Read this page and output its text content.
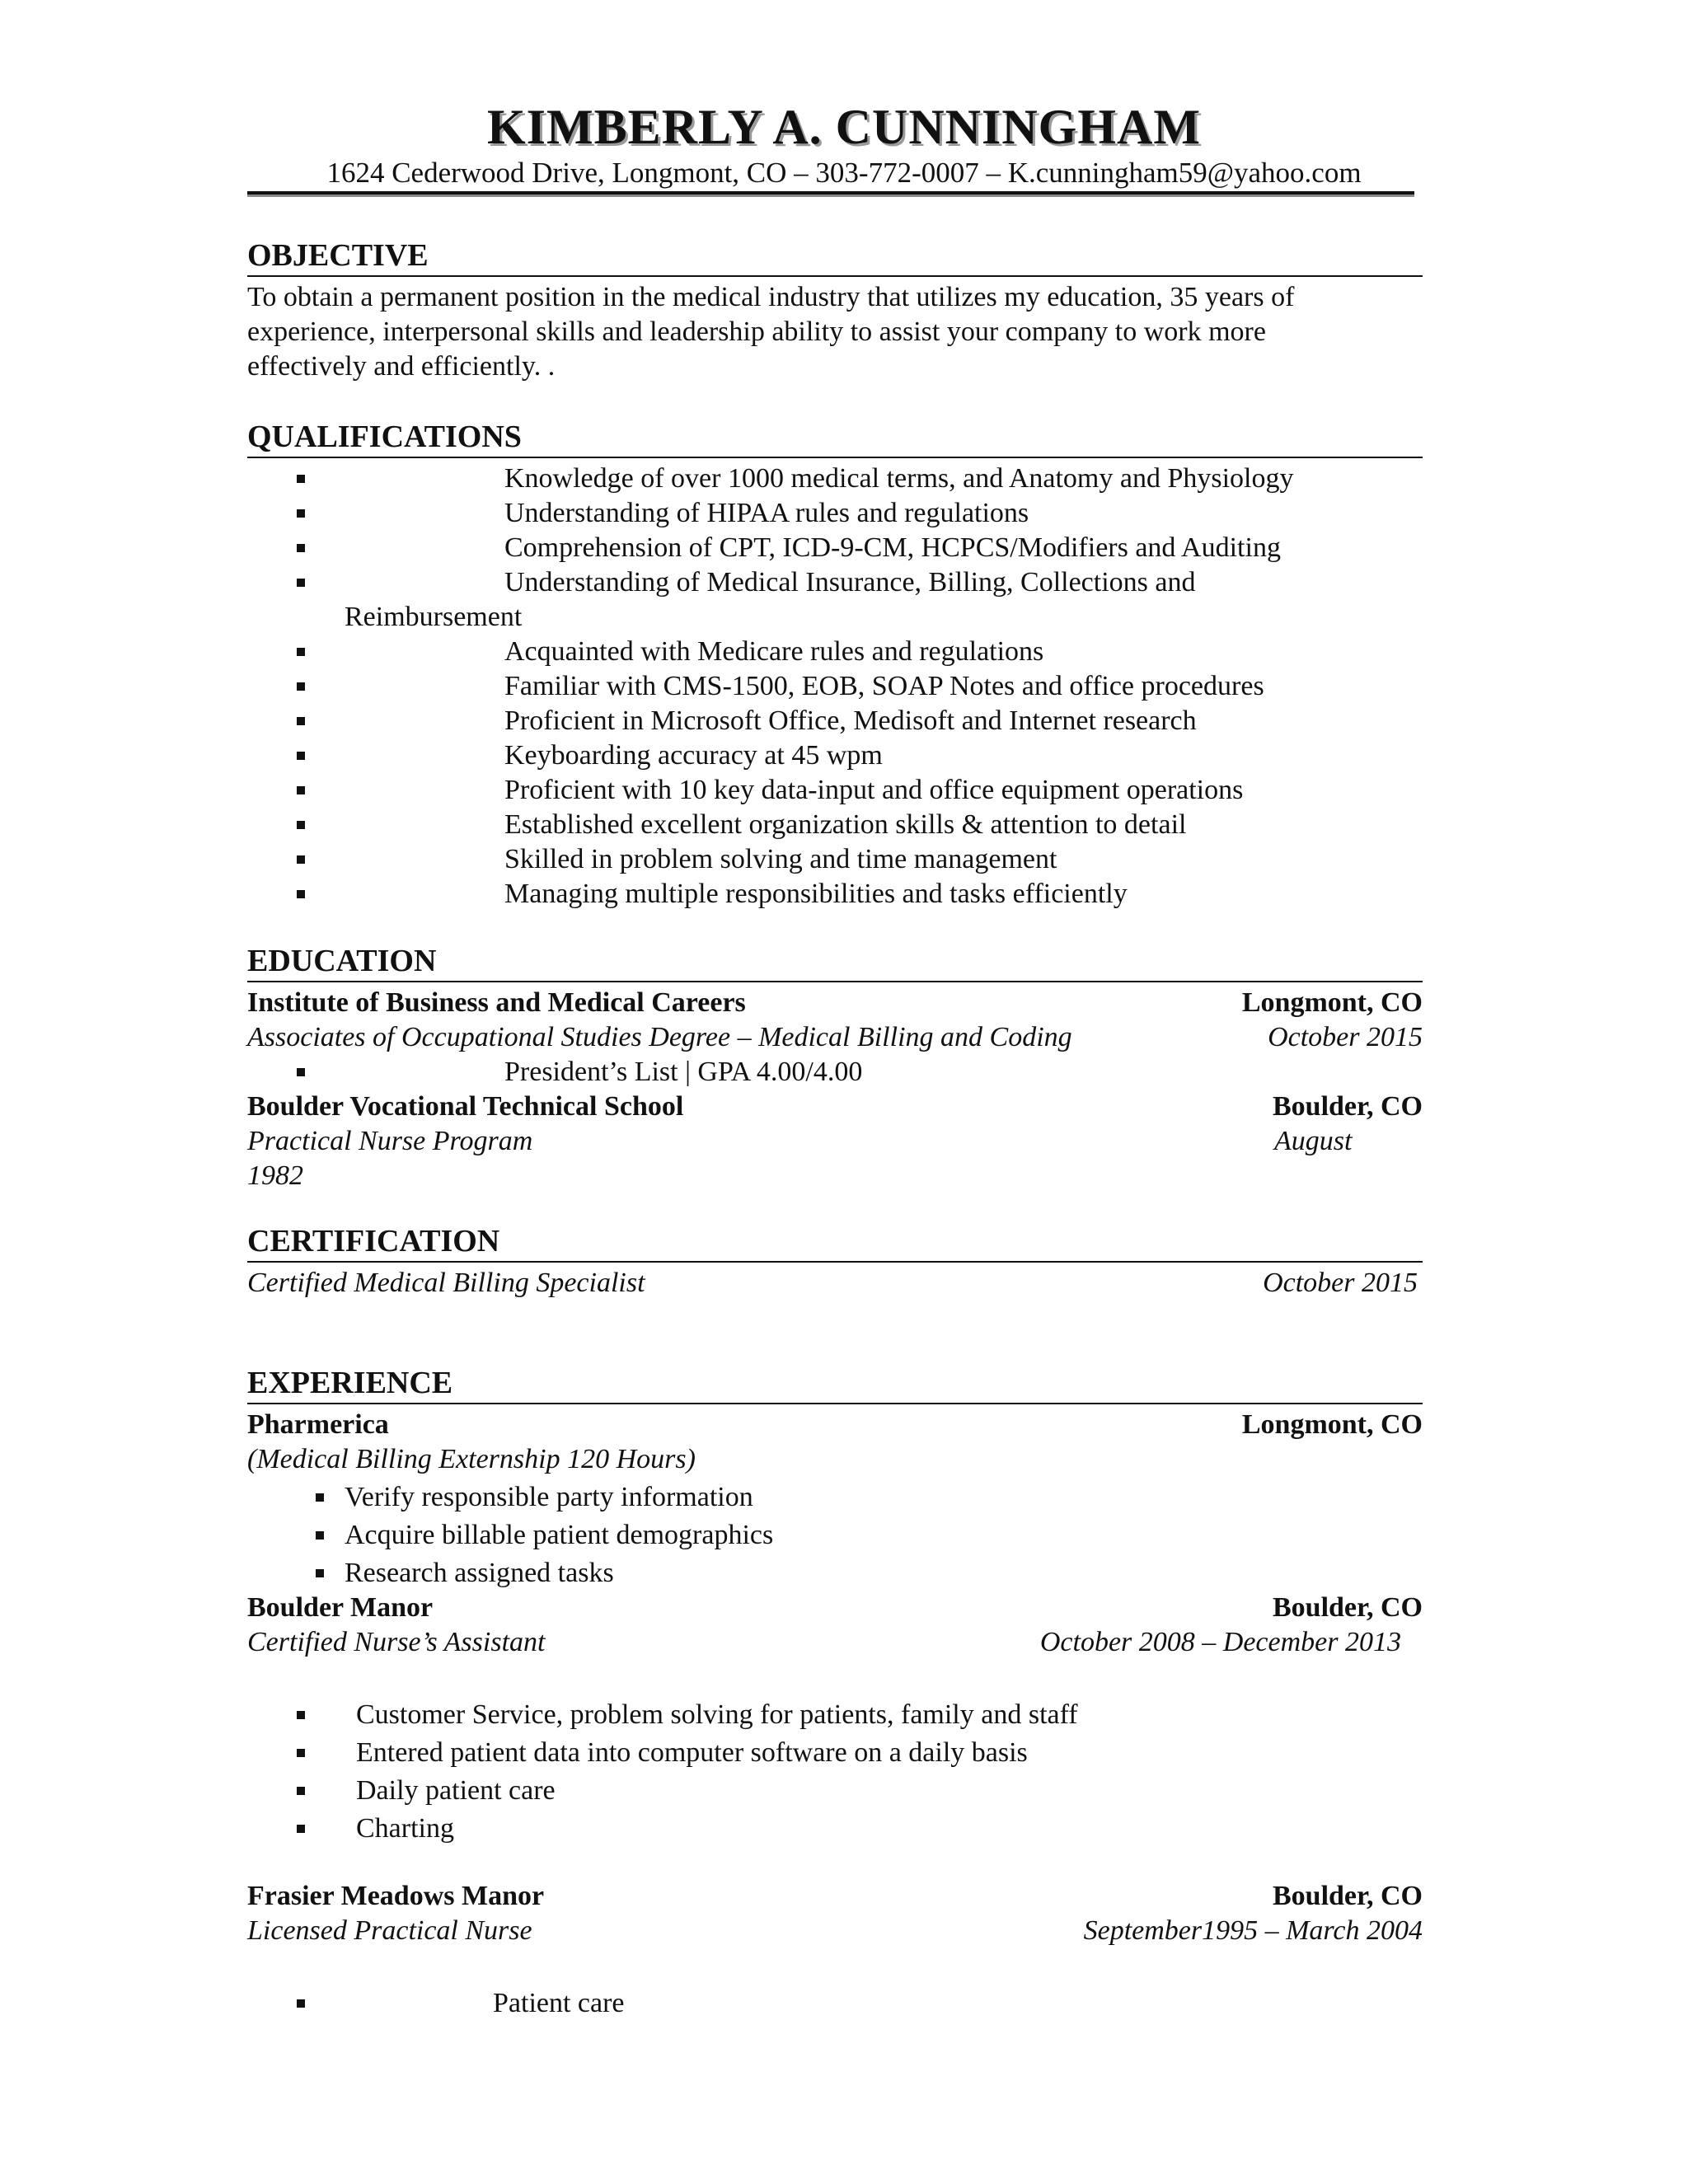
KIMBERLY A. CUNNINGHAM
1624 Cederwood Drive, Longmont, CO – 303-772-0007 – K.cunningham59@yahoo.com
OBJECTIVE
To obtain a permanent position in the medical industry that utilizes my education, 35 years of
experience, interpersonal skills and leadership ability to assist your company to work more
effectively and efficiently. .
QUALIFICATIONS
Knowledge of over 1000 medical terms, and Anatomy and Physiology
Understanding of HIPAA rules and regulations
Comprehension of CPT, ICD-9-CM, HCPCS/Modifiers and Auditing
Understanding of Medical Insurance, Billing, Collections and
Reimbursement
Acquainted with Medicare rules and regulations
Familiar with CMS-1500, EOB, SOAP Notes and office procedures
Proficient in Microsoft Office, Medisoft and Internet research
Keyboarding accuracy at 45 wpm
Proficient with 10 key data-input and office equipment operations
Established excellent organization skills & attention to detail
Skilled in problem solving and time management
Managing multiple responsibilities and tasks efficiently
EDUCATION
Institute of Business and Medical Careers	Longmont, CO
Associates of Occupational Studies Degree – Medical Billing and Coding	October 2015
President’s List | GPA 4.00/4.00
Boulder Vocational Technical School	Boulder, CO
Practical Nurse Program	August
1982
CERTIFICATION
Certified Medical Billing Specialist	October 2015
EXPERIENCE
Pharmerica	Longmont, CO
(Medical Billing Externship 120 Hours)
Verify responsible party information
Acquire billable patient demographics
Research assigned tasks
Boulder Manor	Boulder, CO
Certified Nurse’s Assistant	October 2008 – December 2013
Customer Service, problem solving for patients, family and staff
Entered patient data into computer software on a daily basis
Daily patient care
Charting
Frasier Meadows Manor	Boulder, CO
Licensed Practical Nurse	September1995 – March 2004
Patient care
